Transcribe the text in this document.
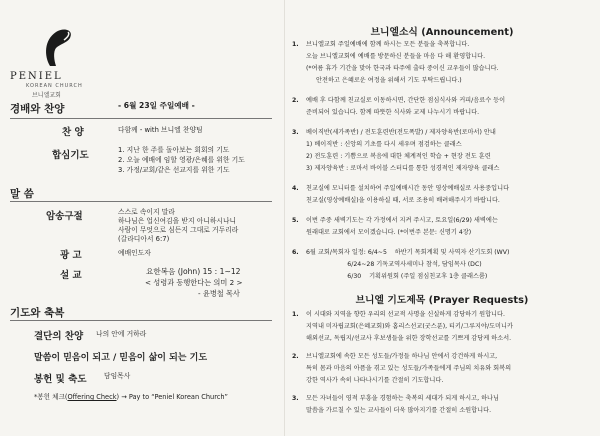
PENIEL
KOREAN CHURCH
브니엘교회
경배와 찬양	- 6월 23일 주일예배 -
찬 양	다함께 - with 브니엘 찬양팀
합심기도	1. 지난 한 주를 돌아보는 회회의 기도
2. 오늘 예배에 임할 영광/은혜를 위한 기도
3. 가정/교회/같은 선교지를 위한 기도
말 씀
암송구절	스스로 속이지 말라
하나님은 업신여김을 받지 아니하시나니
사람이 무엇으로 심든지 그대로 거두리라
(갈라디아서 6:7)
광 고	예배인도자
설 교	요한복음 (John) 15 : 1~12
< 성령과 동행한다는 의미 2 >
- 윤병철 목사
기도와 축복
결단의 찬양 나의 안에 거하라
말씀이 믿음이 되고 / 믿음이 삶이 되는 기도
봉헌 및 축도	담임목사
*봉헌 체크(Offering Check) → Pay to “Peniel Korean Church”
브니엘소식 (Announcement)
1. 브니엘교회 주일예배에 함께 하시는 모든 분들을 축복합니다.
오늘 브니엘교회에 예배를 방문하신 분들을 마음 다 해 환영합니다.
(*여름 휴가 기간을 맞아 한국과 타주에 출타 중이신 교우들이 많습니다.
안전하고 은혜로운 여정을 위해서 기도 부탁드립니다.)
2. 예배 후 다함께 친교실로 이동하시면, 간단한 점심식사와 커피/음료수 등이
준비되어 있습니다. 함께 따뜻한 식사와 교제 나누시기 바랍니다.
3. 베이직반(세가족반) / 전도훈련반(전도폭발) / 제자양육반(로마서) 안내
1) 베이직반 : 신앙의 기초를 다시 세우며 점검하는 클래스
2) 전도훈련 : 기쁨으로 복음에 대한 체계적인 학습 + 현장 전도 훈련
3) 제자양육반 : 로마서 바이블 스터디를 통한 성경적인 제자양육 클래스
4. 친교실에 모니터를 설치하여 주일예배시간 동안 영상예배실로 사용중입니다
친교실(영상예배실)을 이용하실 때, 서로 조용히 배려해주시기 바랍니다.
5. 이번 주중 새벽기도는 각 가정에서 지켜 주시고, 토요일(6/29) 새벽에는
원래대로 교회에서 모이겠습니다. (*이번주 본문: 신명기 4장)
6. 6월 교회/목회자 일정: 6/4~5    하반기 목회계획 및 사역자 산기도회 (WV)
6/24~28 기독교역사세미나 참석, 담임목사 (DC)
6/30    기획위원회 (주일 점심친교후 1층 클래스룸)
브니엘 기도제목 (Prayer Requests)
1. 이 시대와 지역을 향한 우리의 선교적 사명을 신실하게 감당하기 원합니다.
지역내 미자립교회(은혜교회)와 홈리스선교(굿스푼), 티키/그루지야/도미니카
해외선교, 독립지/선교사 후보생들을 위한 장학선교를 기쁘게 감당케 하소서.
2. 브니엘교회에 속한 모든 성도들/가정들 하나님 안에서 강건하게 하시고,
특히 몸과 마음의 아픔을 겪고 있는 성도들/가족들에게 주님의 치유와 회복의
강한 역사가 속히 나타나시기를 간절히 기도합니다.
3. 모든 자녀들이 영적 부흥을 경험하는 축복의 세대가 되게 하시고, 하나님
말씀을 가르칠 수 있는 교사들이 더욱 많아지기를 간절히 소원합니다.
